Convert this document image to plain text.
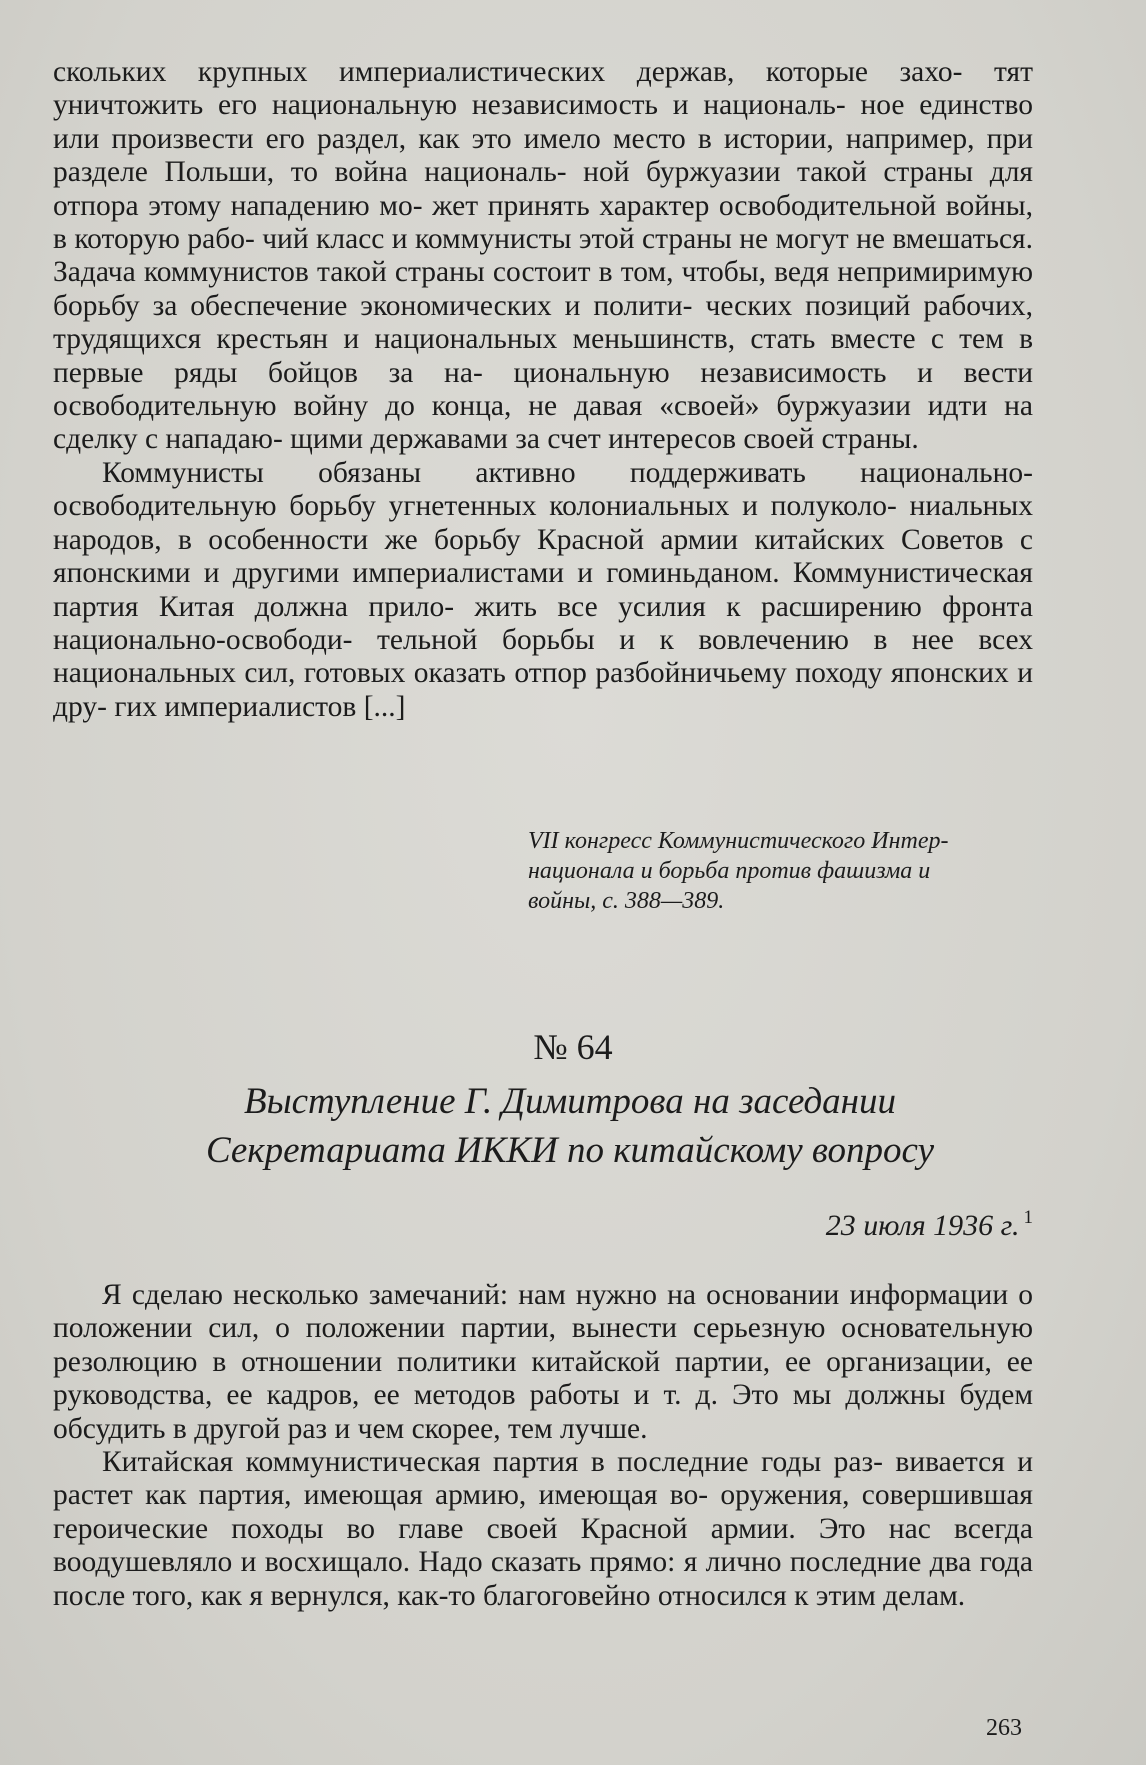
скольких крупных империалистических держав, которые захо- тят уничтожить его национальную независимость и националь- ное единство или произвести его раздел, как это имело место в истории, например, при разделе Польши, то война националь- ной буржуазии такой страны для отпора этому нападению мо- жет принять характер освободительной войны, в которую рабо- чий класс и коммунисты этой страны не могут не вмешаться. Задача коммунистов такой страны состоит в том, чтобы, ведя непримиримую борьбу за обеспечение экономических и полити- ческих позиций рабочих, трудящихся крестьян и национальных меньшинств, стать вместе с тем в первые ряды бойцов за на- циональную независимость и вести освободительную войну до конца, не давая «своей» буржуазии идти на сделку с нападаю- щими державами за счет интересов своей страны.

Коммунисты обязаны активно поддерживать национально- освободительную борьбу угнетенных колониальных и полуколо- ниальных народов, в особенности же борьбу Красной армии китайских Советов с японскими и другими империалистами и гоминьданом. Коммунистическая партия Китая должна прило- жить все усилия к расширению фронта национально-освободи- тельной борьбы и к вовлечению в нее всех национальных сил, готовых оказать отпор разбойничьему походу японских и дру- гих империалистов [...]

VII конгресс Коммунистического Интер-
национала и борьба против фашизма и
войны, с. 388—389.
№ 64
Выступление Г. Димитрова на заседании
Секретариата ИККИ по китайскому вопросу
23 июля 1936 г. $^1$

Я сделаю несколько замечаний: нам нужно на основании информации о положении сил, о положении партии, вынести серьезную основательную резолюцию в отношении политики китайской партии, ее организации, ее руководства, ее кадров, ее методов работы и т. д. Это мы должны будем обсудить в другой раз и чем скорее, тем лучше.

Китайская коммунистическая партия в последние годы раз- вивается и растет как партия, имеющая армию, имеющая во- оружения, совершившая героические походы во главе своей Красной армии. Это нас всегда воодушевляло и восхищало. Надо сказать прямо: я лично последние два года после того, как я вернулся, как-то благоговейно относился к этим делам.

263
